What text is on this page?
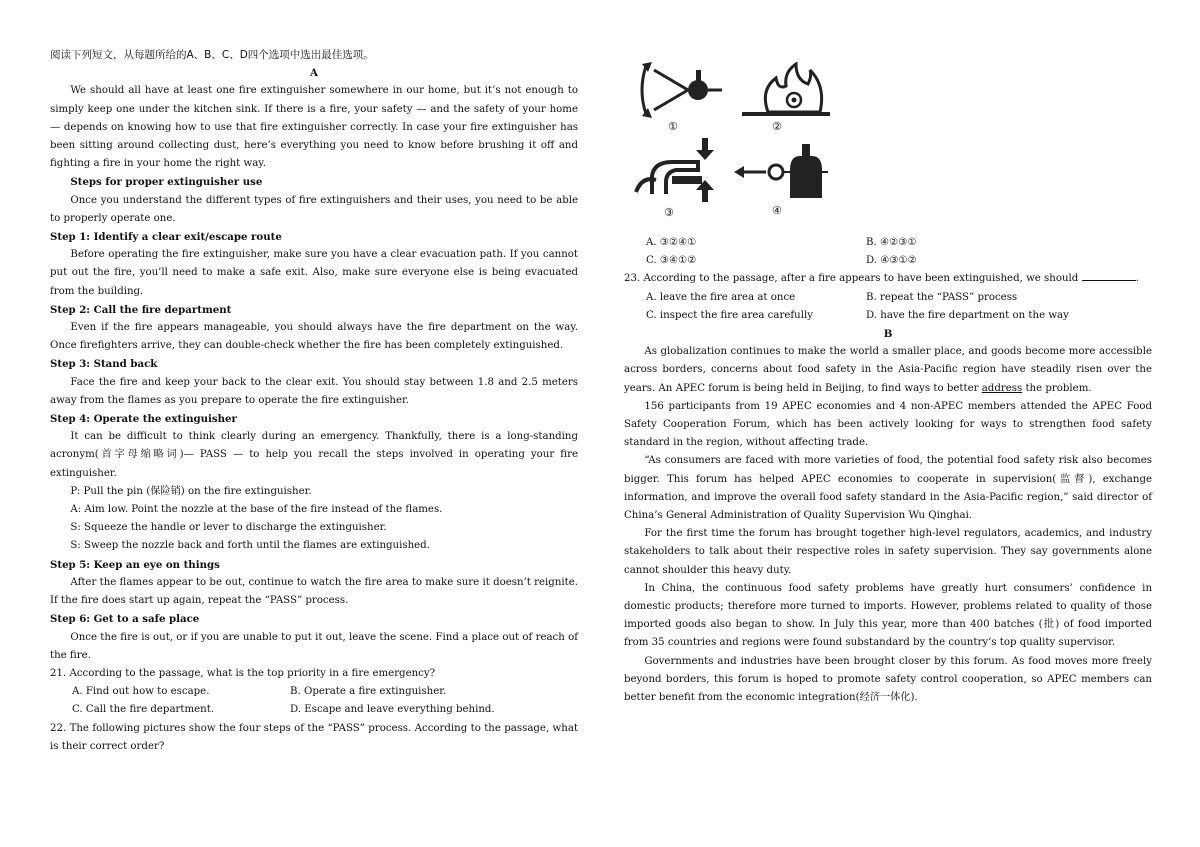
阅读下列短文，从每题所给的A、B、C、D四个选项中选出最佳选项。

A

We should all have at least one fire extinguisher somewhere in our home, but it’s not enough to simply keep one under the kitchen sink. If there is a fire, your safety — and the safety of your home — depends on knowing how to use that fire extinguisher correctly. In case your fire extinguisher has been sitting around collecting dust, here’s everything you need to know before brushing it off and fighting a fire in your home the right way.

Steps for proper extinguisher use

Once you understand the different types of fire extinguishers and their uses, you need to be able to properly operate one.

Step 1: Identify a clear exit/escape route

Before operating the fire extinguisher, make sure you have a clear evacuation path. If you cannot put out the fire, you’ll need to make a safe exit. Also, make sure everyone else is being evacuated from the building.

Step 2: Call the fire department

Even if the fire appears manageable, you should always have the fire department on the way. Once firefighters arrive, they can double-check whether the fire has been completely extinguished.

Step 3: Stand back

Face the fire and keep your back to the clear exit. You should stay between 1.8 and 2.5 meters away from the flames as you prepare to operate the fire extinguisher.

Step 4: Operate the extinguisher

It can be difficult to think clearly during an emergency. Thankfully, there is a long-standing acronym(首字母缩略词)— PASS — to help you recall the steps involved in operating your fire extinguisher.

P: Pull the pin (保险销) on the fire extinguisher.

A: Aim low. Point the nozzle at the base of the fire instead of the flames.

S: Squeeze the handle or lever to discharge the extinguisher.

S: Sweep the nozzle back and forth until the flames are extinguished.

Step 5: Keep an eye on things

After the flames appear to be out, continue to watch the fire area to make sure it doesn’t reignite. If the fire does start up again, repeat the “PASS” process.

Step 6: Get to a safe place

Once the fire is out, or if you are unable to put it out, leave the scene. Find a place out of reach of the fire.

21. According to the passage, what is the top priority in a fire emergency?

A. Find out how to escape.	B. Operate a fire extinguisher.
C. Call the fire department.	D. Escape and leave everything behind.

22. The following pictures show the four steps of the “PASS” process. According to the passage, what is their correct order?

①	②
③	④
A. ③②④①	B. ④②③①
C. ③④①②	D. ④③①②

23. According to the passage, after a fire appears to have been extinguished, we should	.

A. leave the fire area at once	B. repeat the “PASS” process
C. inspect the fire area carefully	D. have the fire department on the way

B

As globalization continues to make the world a smaller place, and goods become more accessible across borders, concerns about food safety in the Asia-Pacific region have steadily risen over the years. An APEC forum is being held in Beijing, to find ways to better address the problem.

156 participants from 19 APEC economies and 4 non-APEC members attended the APEC Food Safety Cooperation Forum, which has been actively looking for ways to strengthen food safety standard in the region, without affecting trade.

“As consumers are faced with more varieties of food, the potential food safety risk also becomes bigger. This forum has helped APEC economies to cooperate in supervision(监督), exchange information, and improve the overall food safety standard in the Asia-Pacific region,” said director of China’s General Administration of Quality Supervision Wu Qinghai.

For the first time the forum has brought together high-level regulators, academics, and industry stakeholders to talk about their respective roles in safety supervision. They say governments alone cannot shoulder this heavy duty.

In China, the continuous food safety problems have greatly hurt consumers’ confidence in domestic products; therefore more turned to imports. However, problems related to quality of those imported goods also began to show. In July this year, more than 400 batches (批) of food imported from 35 countries and regions were found substandard by the country’s top quality supervisor.

Governments and industries have been brought closer by this forum. As food moves more freely beyond borders, this forum is hoped to promote safety control cooperation, so APEC members can better benefit from the economic integration(经济一体化).
